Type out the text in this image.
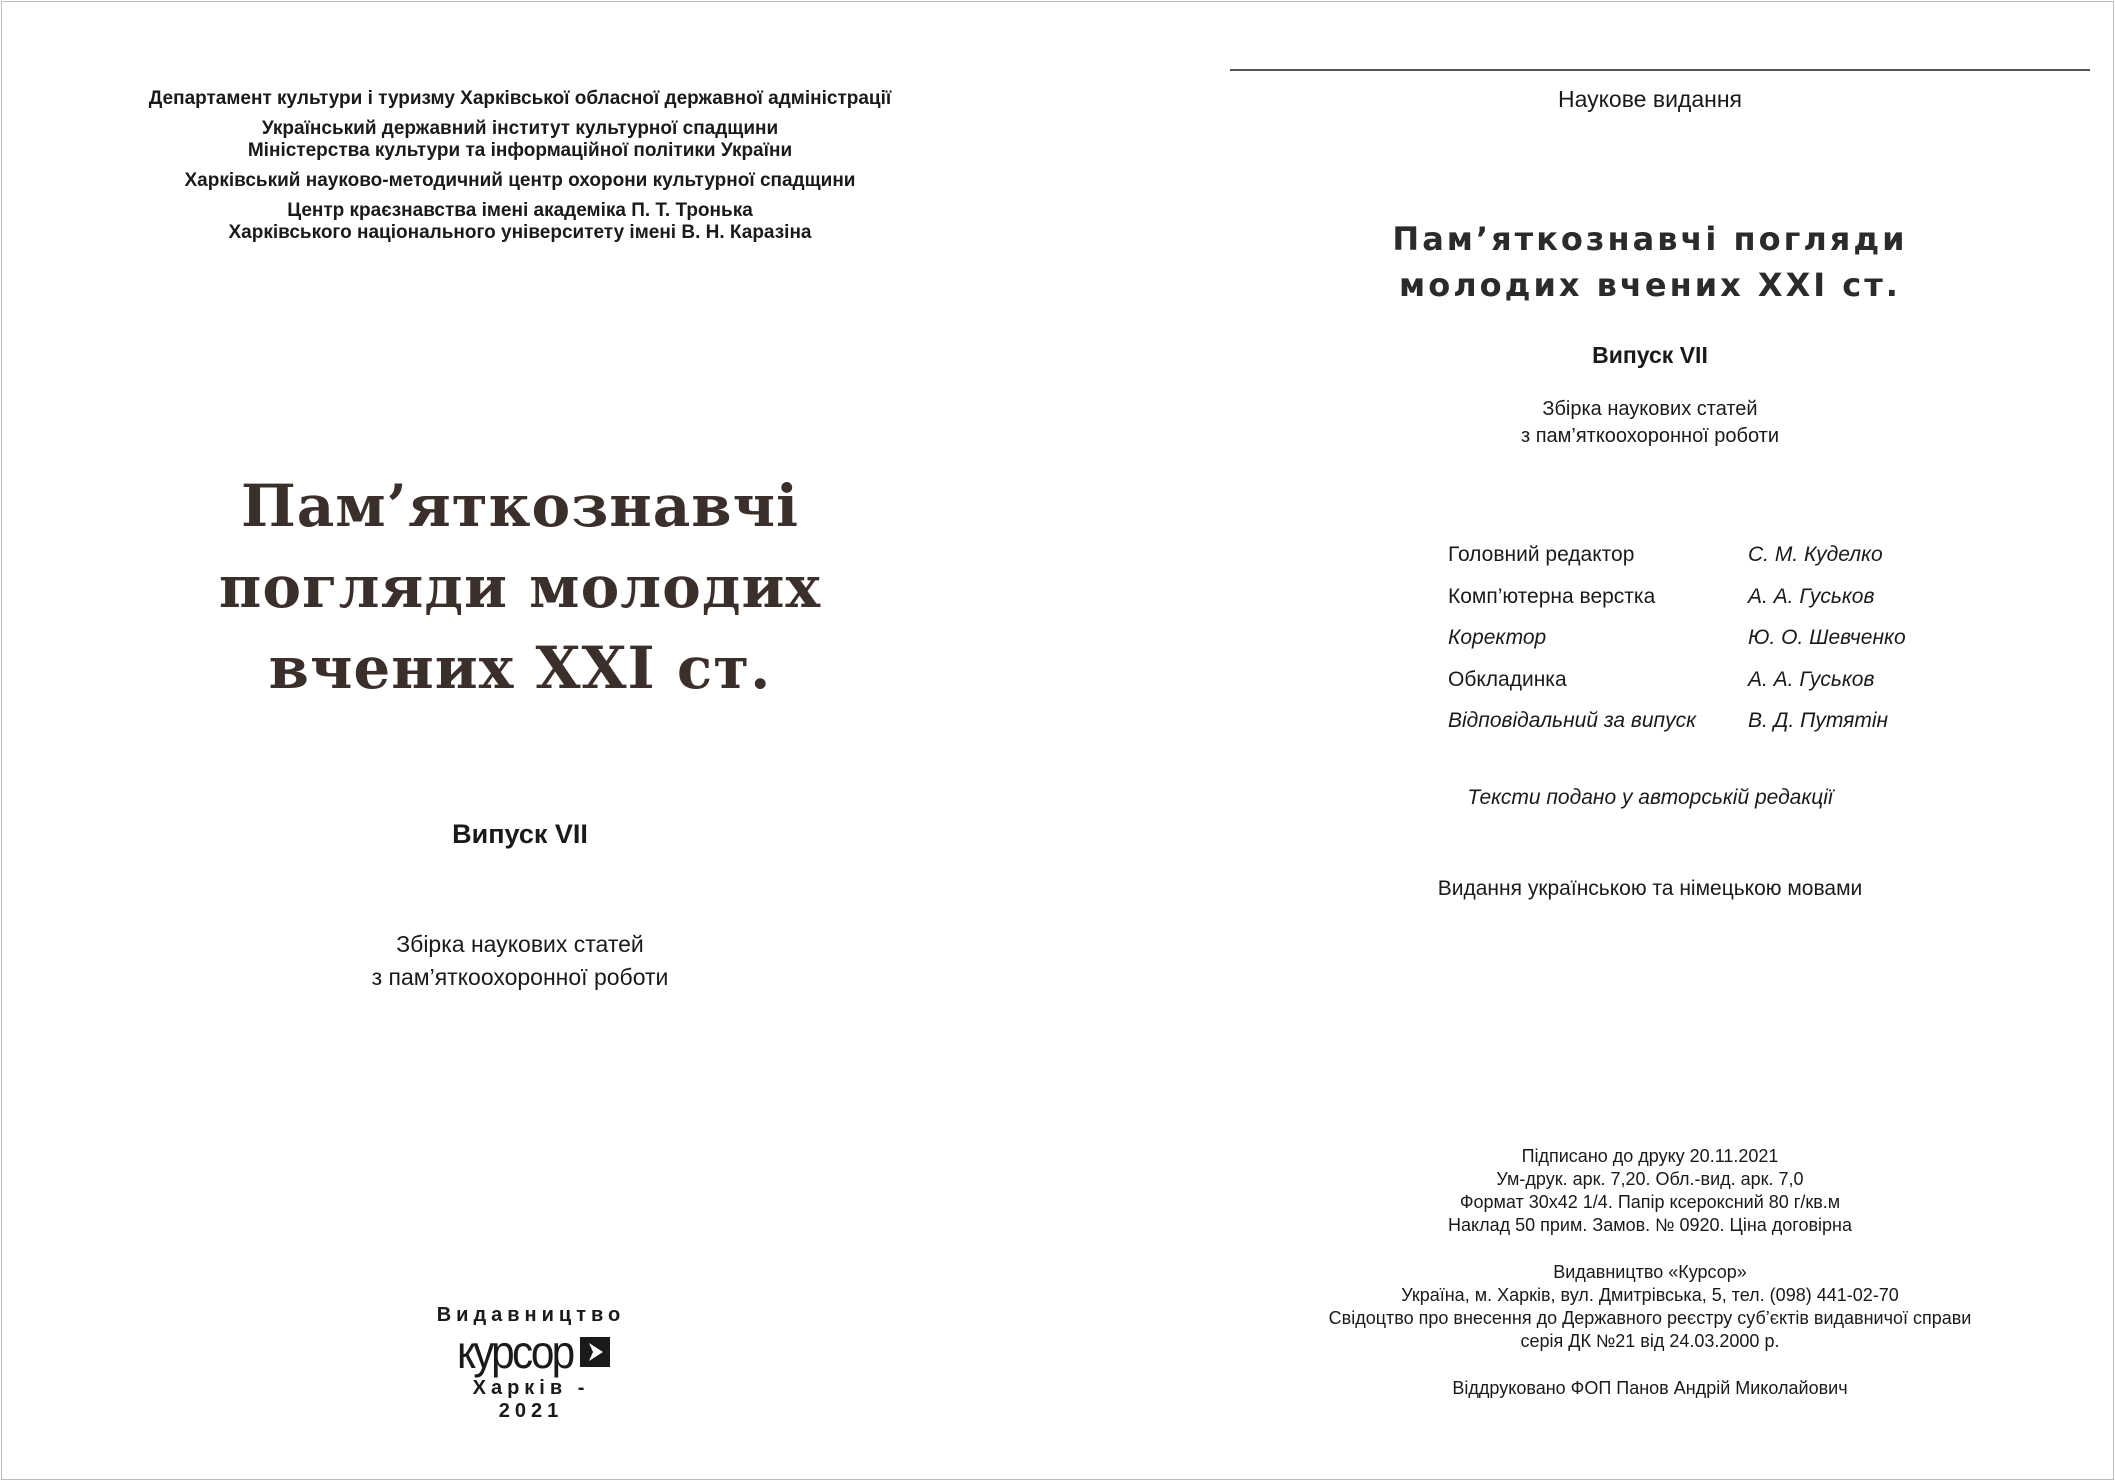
Департамент культури і туризму Харківської обласної державної адміністрації
Український державний інститут культурної спадщини
Міністерства культури та інформаційної політики України
Харківський науково-методичний центр охорони культурної спадщини
Центр краєзнавства імені академіка П. Т. Тронька
Харківського національного університету імені В. Н. Каразіна
Пам’яткознавчі
погляди молодих
вчених XXI ст.
Випуск VII
Збірка наукових статей
з пам’яткоохоронної роботи
Видавництво
курсор
Харків - 2021
Наукове видання
Пам’яткознавчі погляди
молодих вчених XXI ст.
Випуск VII
Збірка наукових статей
з пам’яткоохоронної роботи
Головний редактор	С. М. Куделко
Комп’ютерна верстка	А. А. Гуськов
Коректор	Ю. О. Шевченко
Обкладинка	А. А. Гуськов
Відповідальний за випуск В. Д. Путятін
Тексти подано у авторській редакції
Видання українською та німецькою мовами
Підписано до друку 20.11.2021
Ум-друк. арк. 7,20. Обл.-вид. арк. 7,0
Формат 30х42 1/4. Папір ксероксний 80 г/кв.м
Наклад 50 прим. Замов. № 0920. Ціна договірна
Видавництво «Курсор»
Україна, м. Харків, вул. Дмитрівська, 5, тел. (098) 441-02-70
Свідоцтво про внесення до Державного реєстру суб’єктів видавничої справи
серія ДК №21 від 24.03.2000 р.
Віддруковано ФОП Панов Андрій Миколайович
